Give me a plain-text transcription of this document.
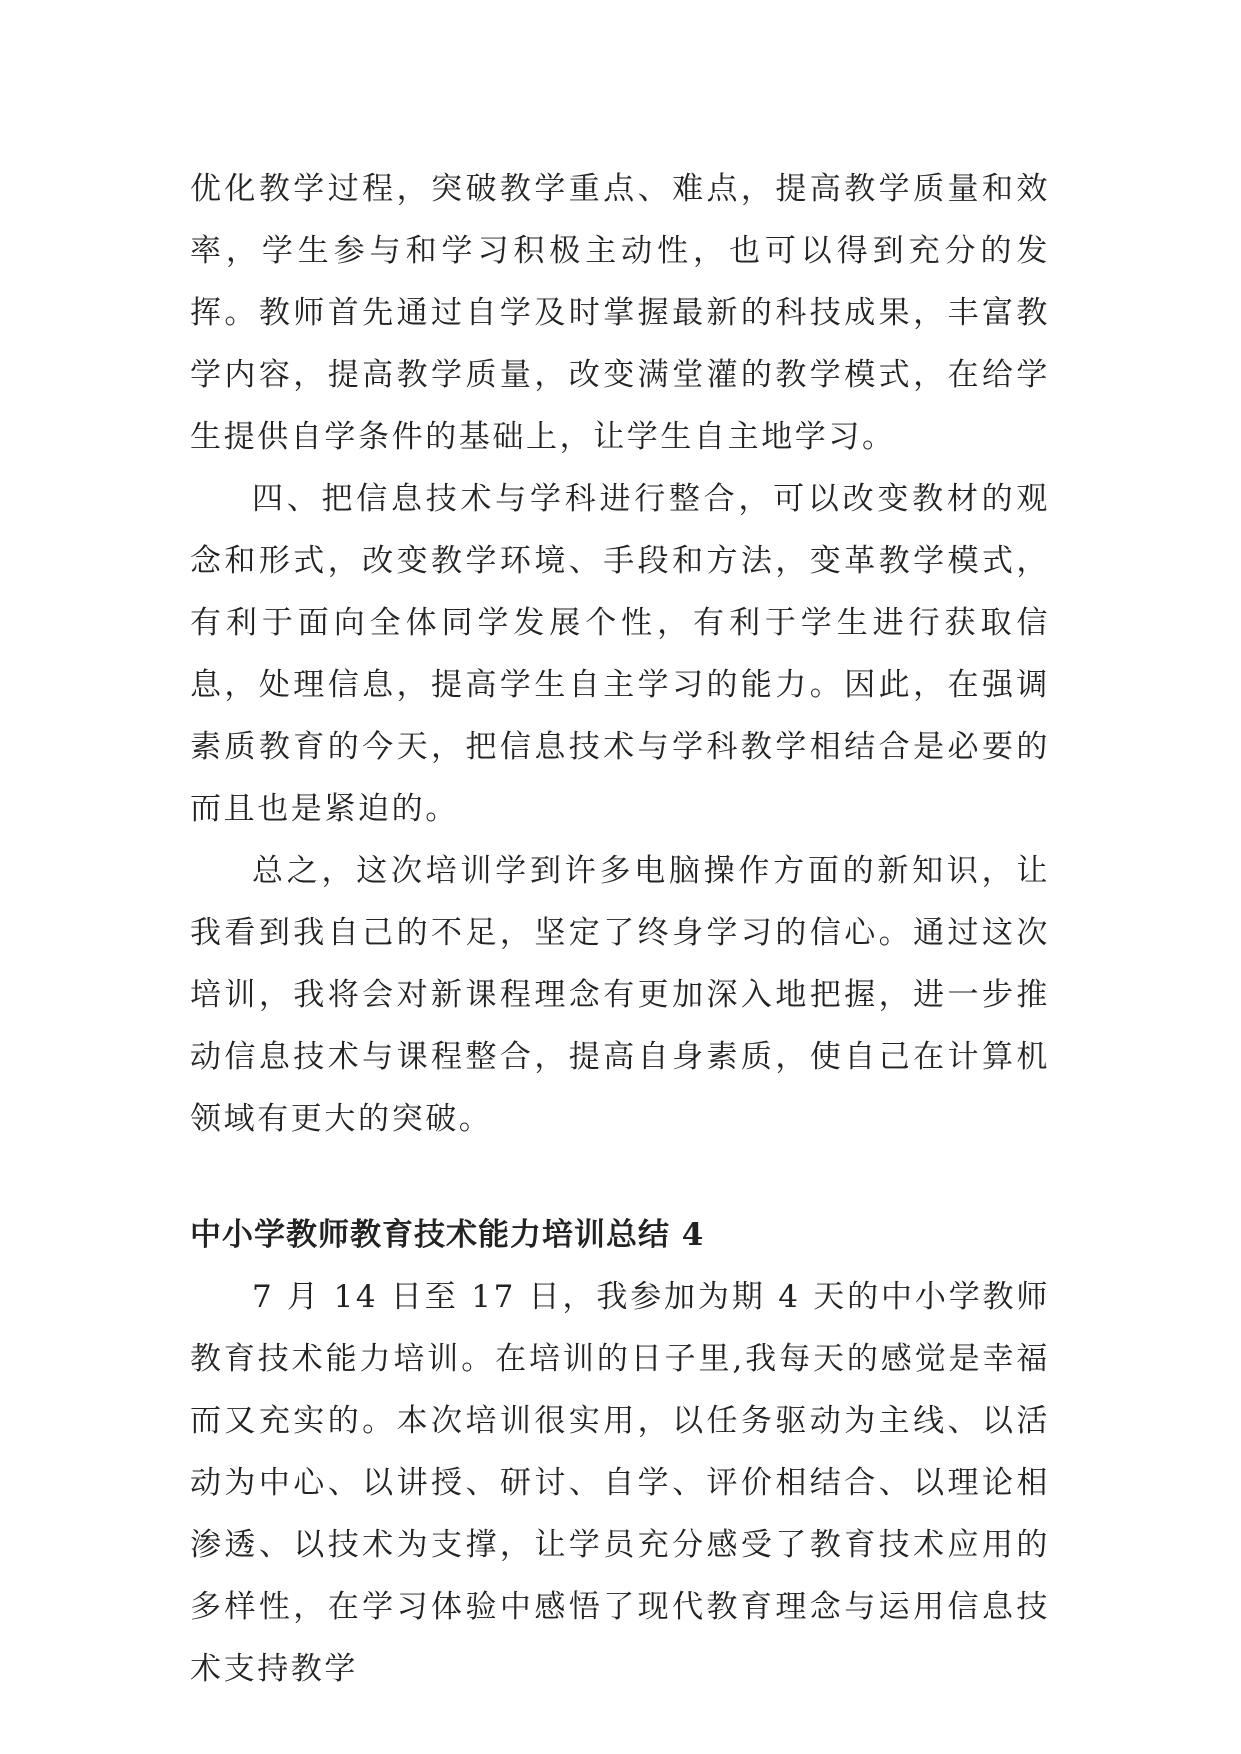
优化教学过程，突破教学重点、难点，提高教学质量和效率，学生参与和学习积极主动性，也可以得到充分的发挥。教师首先通过自学及时掌握最新的科技成果，丰富教学内容，提高教学质量，改变满堂灌的教学模式，在给学生提供自学条件的基础上，让学生自主地学习。

四、把信息技术与学科进行整合，可以改变教材的观念和形式，改变教学环境、手段和方法，变革教学模式，有利于面向全体同学发展个性，有利于学生进行获取信息，处理信息，提高学生自主学习的能力。因此，在强调素质教育的今天，把信息技术与学科教学相结合是必要的而且也是紧迫的。

总之，这次培训学到许多电脑操作方面的新知识，让我看到我自己的不足，坚定了终身学习的信心。通过这次培训，我将会对新课程理念有更加深入地把握，进一步推动信息技术与课程整合，提高自身素质，使自己在计算机领域有更大的突破。

中小学教师教育技术能力培训总结 4

7 月 14 日至 17 日，我参加为期 4 天的中小学教师教育技术能力培训。在培训的日子里,我每天的感觉是幸福而又充实的。本次培训很实用，以任务驱动为主线、以活动为中心、以讲授、研讨、自学、评价相结合、以理论相渗透、以技术为支撑，让学员充分感受了教育技术应用的多样性，在学习体验中感悟了现代教育理念与运用信息技术支持教学
